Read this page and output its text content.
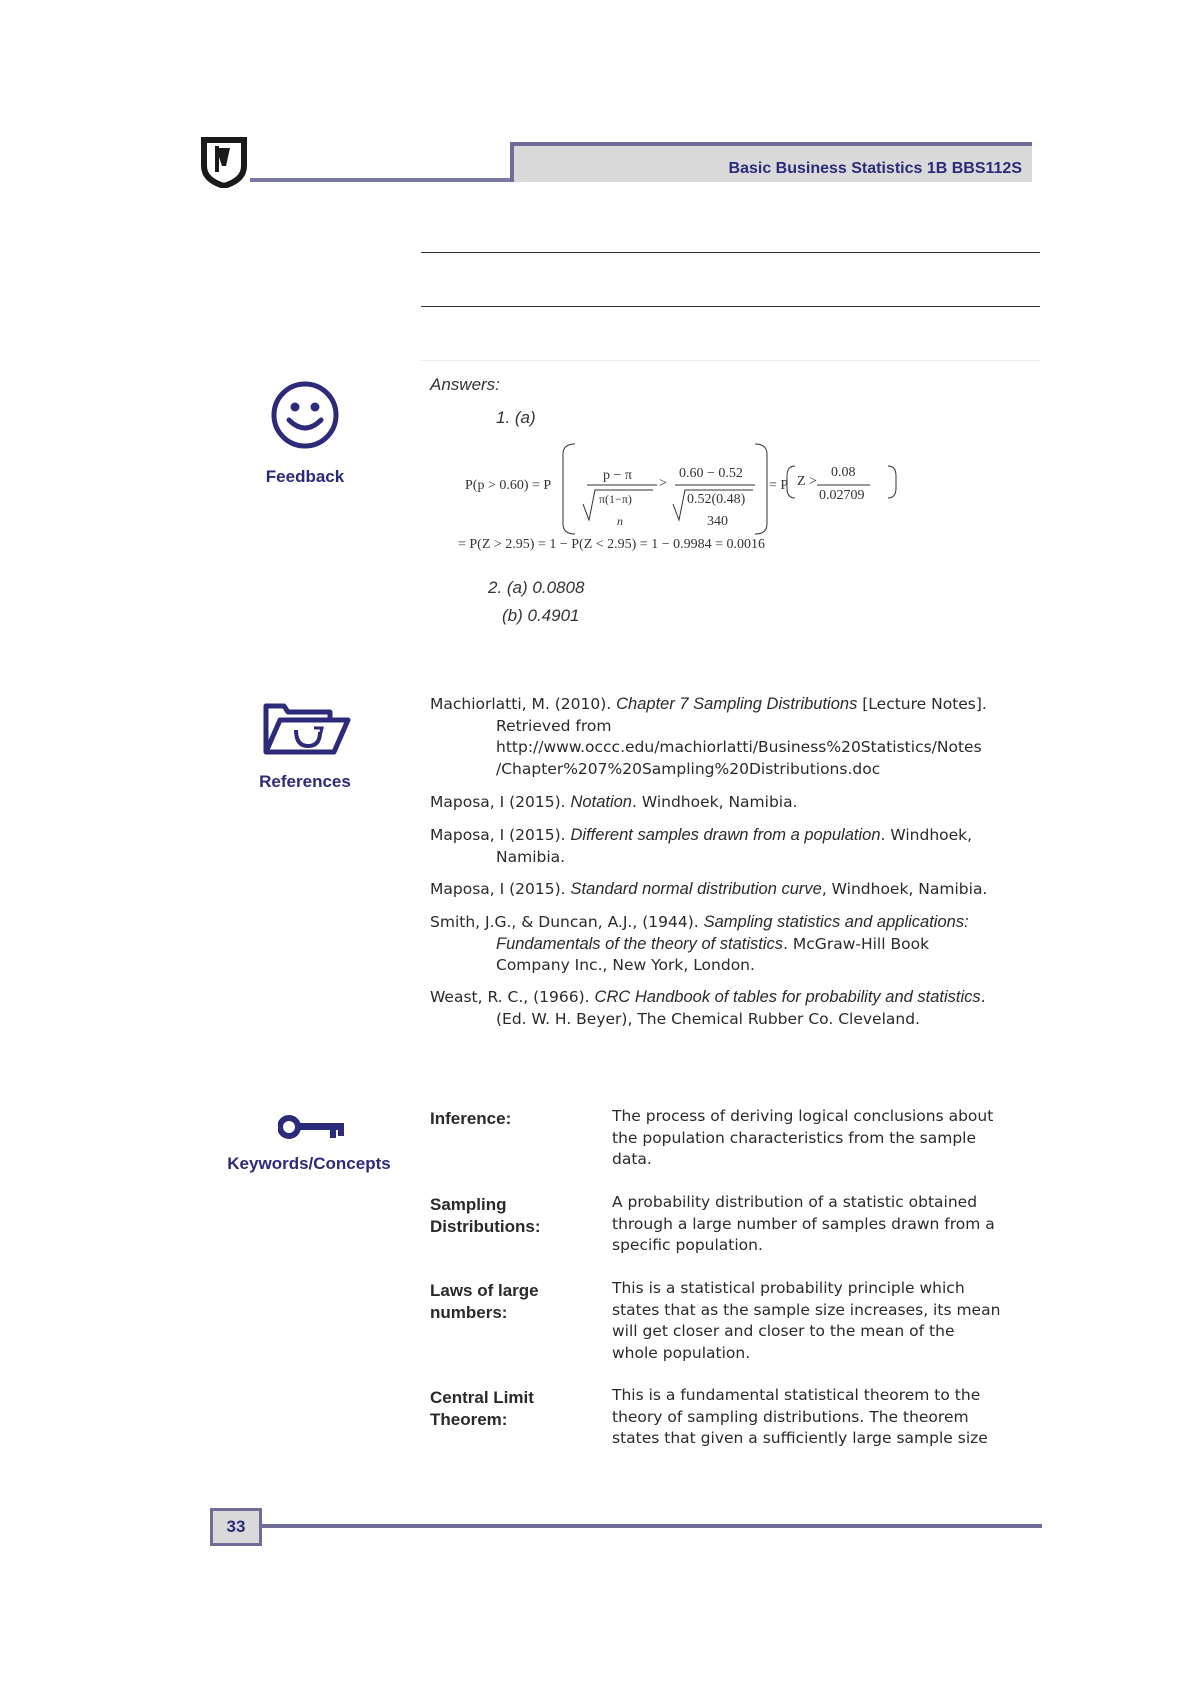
Basic Business Statistics 1B BBS112S
Feedback
Answers:
1. (a)
P(p > 0.60) = P
p − π
π(1−π)
n
>
0.60 − 0.52
0.52(0.48)
340
= P Z >
0.08
0.02709
= P(Z > 2.95) = 1 − P(Z < 2.95) = 1 − 0.9984 = 0.0016
2. (a) 0.0808
(b) 0.4901
References
Machiorlatti, M. (2010). Chapter 7 Sampling Distributions [Lecture Notes].
Retrieved from
http://www.occc.edu/machiorlatti/Business%20Statistics/Notes
/Chapter%207%20Sampling%20Distributions.doc
Maposa, I (2015). Notation. Windhoek, Namibia.
Maposa, I (2015). Different samples drawn from a population. Windhoek,
Namibia.
Maposa, I (2015). Standard normal distribution curve, Windhoek, Namibia.
Smith, J.G., & Duncan, A.J., (1944). Sampling statistics and applications:
Fundamentals of the theory of statistics. McGraw-Hill Book
Company Inc., New York, London.
Weast, R. C., (1966). CRC Handbook of tables for probability and statistics.
(Ed. W. H. Beyer), The Chemical Rubber Co. Cleveland.
Keywords/Concepts
Inference:	The process of deriving logical conclusions about
the population characteristics from the sample
data.
Sampling
Distributions:
A probability distribution of a statistic obtained
through a large number of samples drawn from a
specific population.
Laws of large
numbers:
This is a statistical probability principle which
states that as the sample size increases, its mean
will get closer and closer to the mean of the
whole population.
Central Limit
Theorem:
This is a fundamental statistical theorem to the
theory of sampling distributions. The theorem
states that given a sufficiently large sample size
33
